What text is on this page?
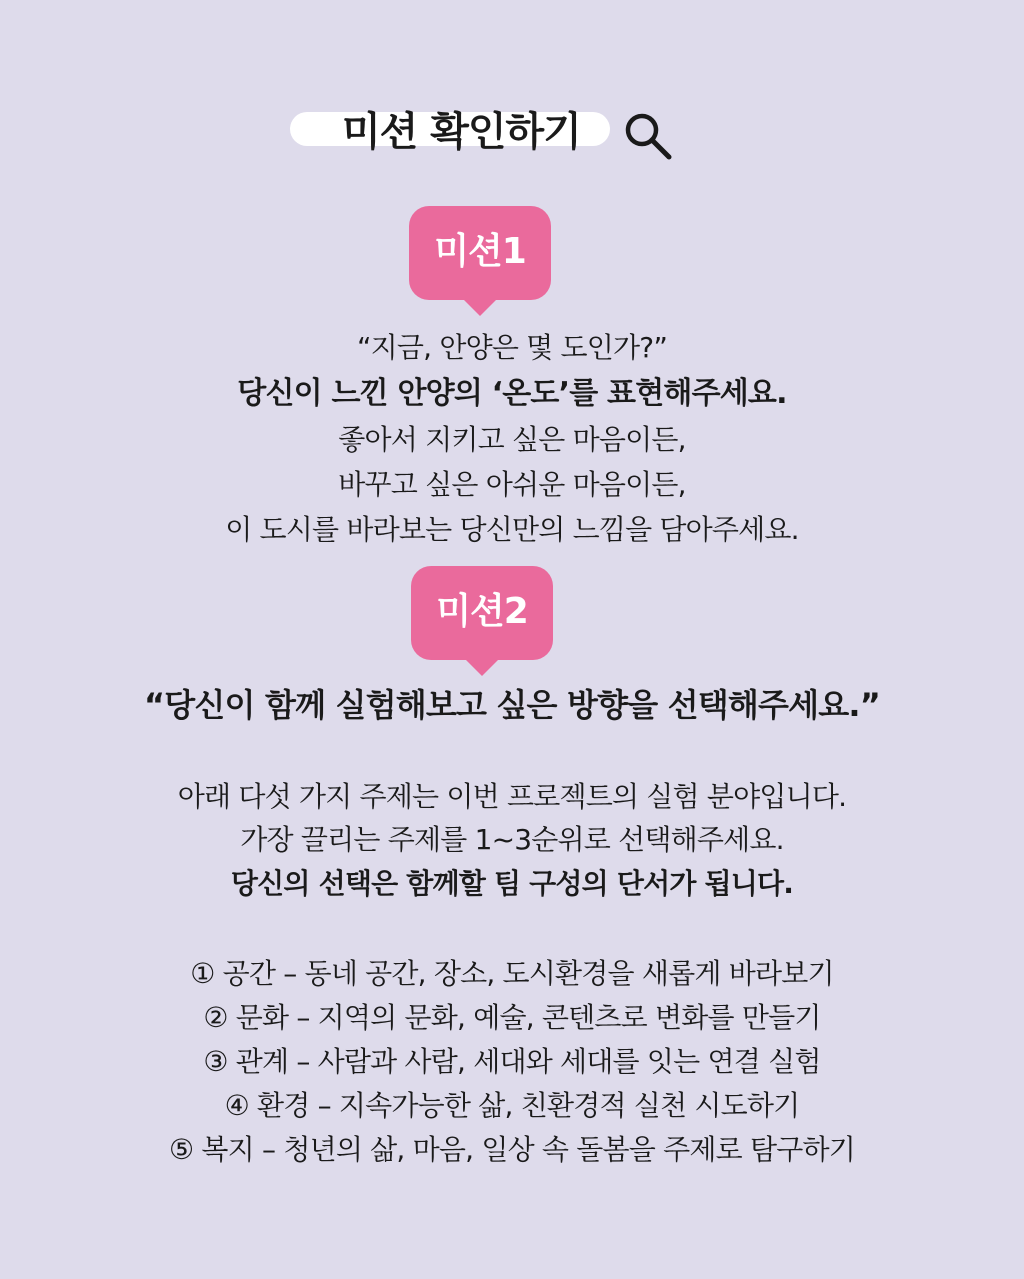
미션 확인하기
미션1
“지금, 안양은 몇 도인가?”
당신이 느낀 안양의 ‘온도’를 표현해주세요.
좋아서 지키고 싶은 마음이든,
바꾸고 싶은 아쉬운 마음이든,
이 도시를 바라보는 당신만의 느낌을 담아주세요.
미션2
“당신이 함께 실험해보고 싶은 방향을 선택해주세요.”
아래 다섯 가지 주제는 이번 프로젝트의 실험 분야입니다.
가장 끌리는 주제를 1~3순위로 선택해주세요.
당신의 선택은 함께할 팀 구성의 단서가 됩니다.
① 공간 – 동네 공간, 장소, 도시환경을 새롭게 바라보기
② 문화 – 지역의 문화, 예술, 콘텐츠로 변화를 만들기
③ 관계 – 사람과 사람, 세대와 세대를 잇는 연결 실험
④ 환경 – 지속가능한 삶, 친환경적 실천 시도하기
⑤ 복지 – 청년의 삶, 마음, 일상 속 돌봄을 주제로 탐구하기
